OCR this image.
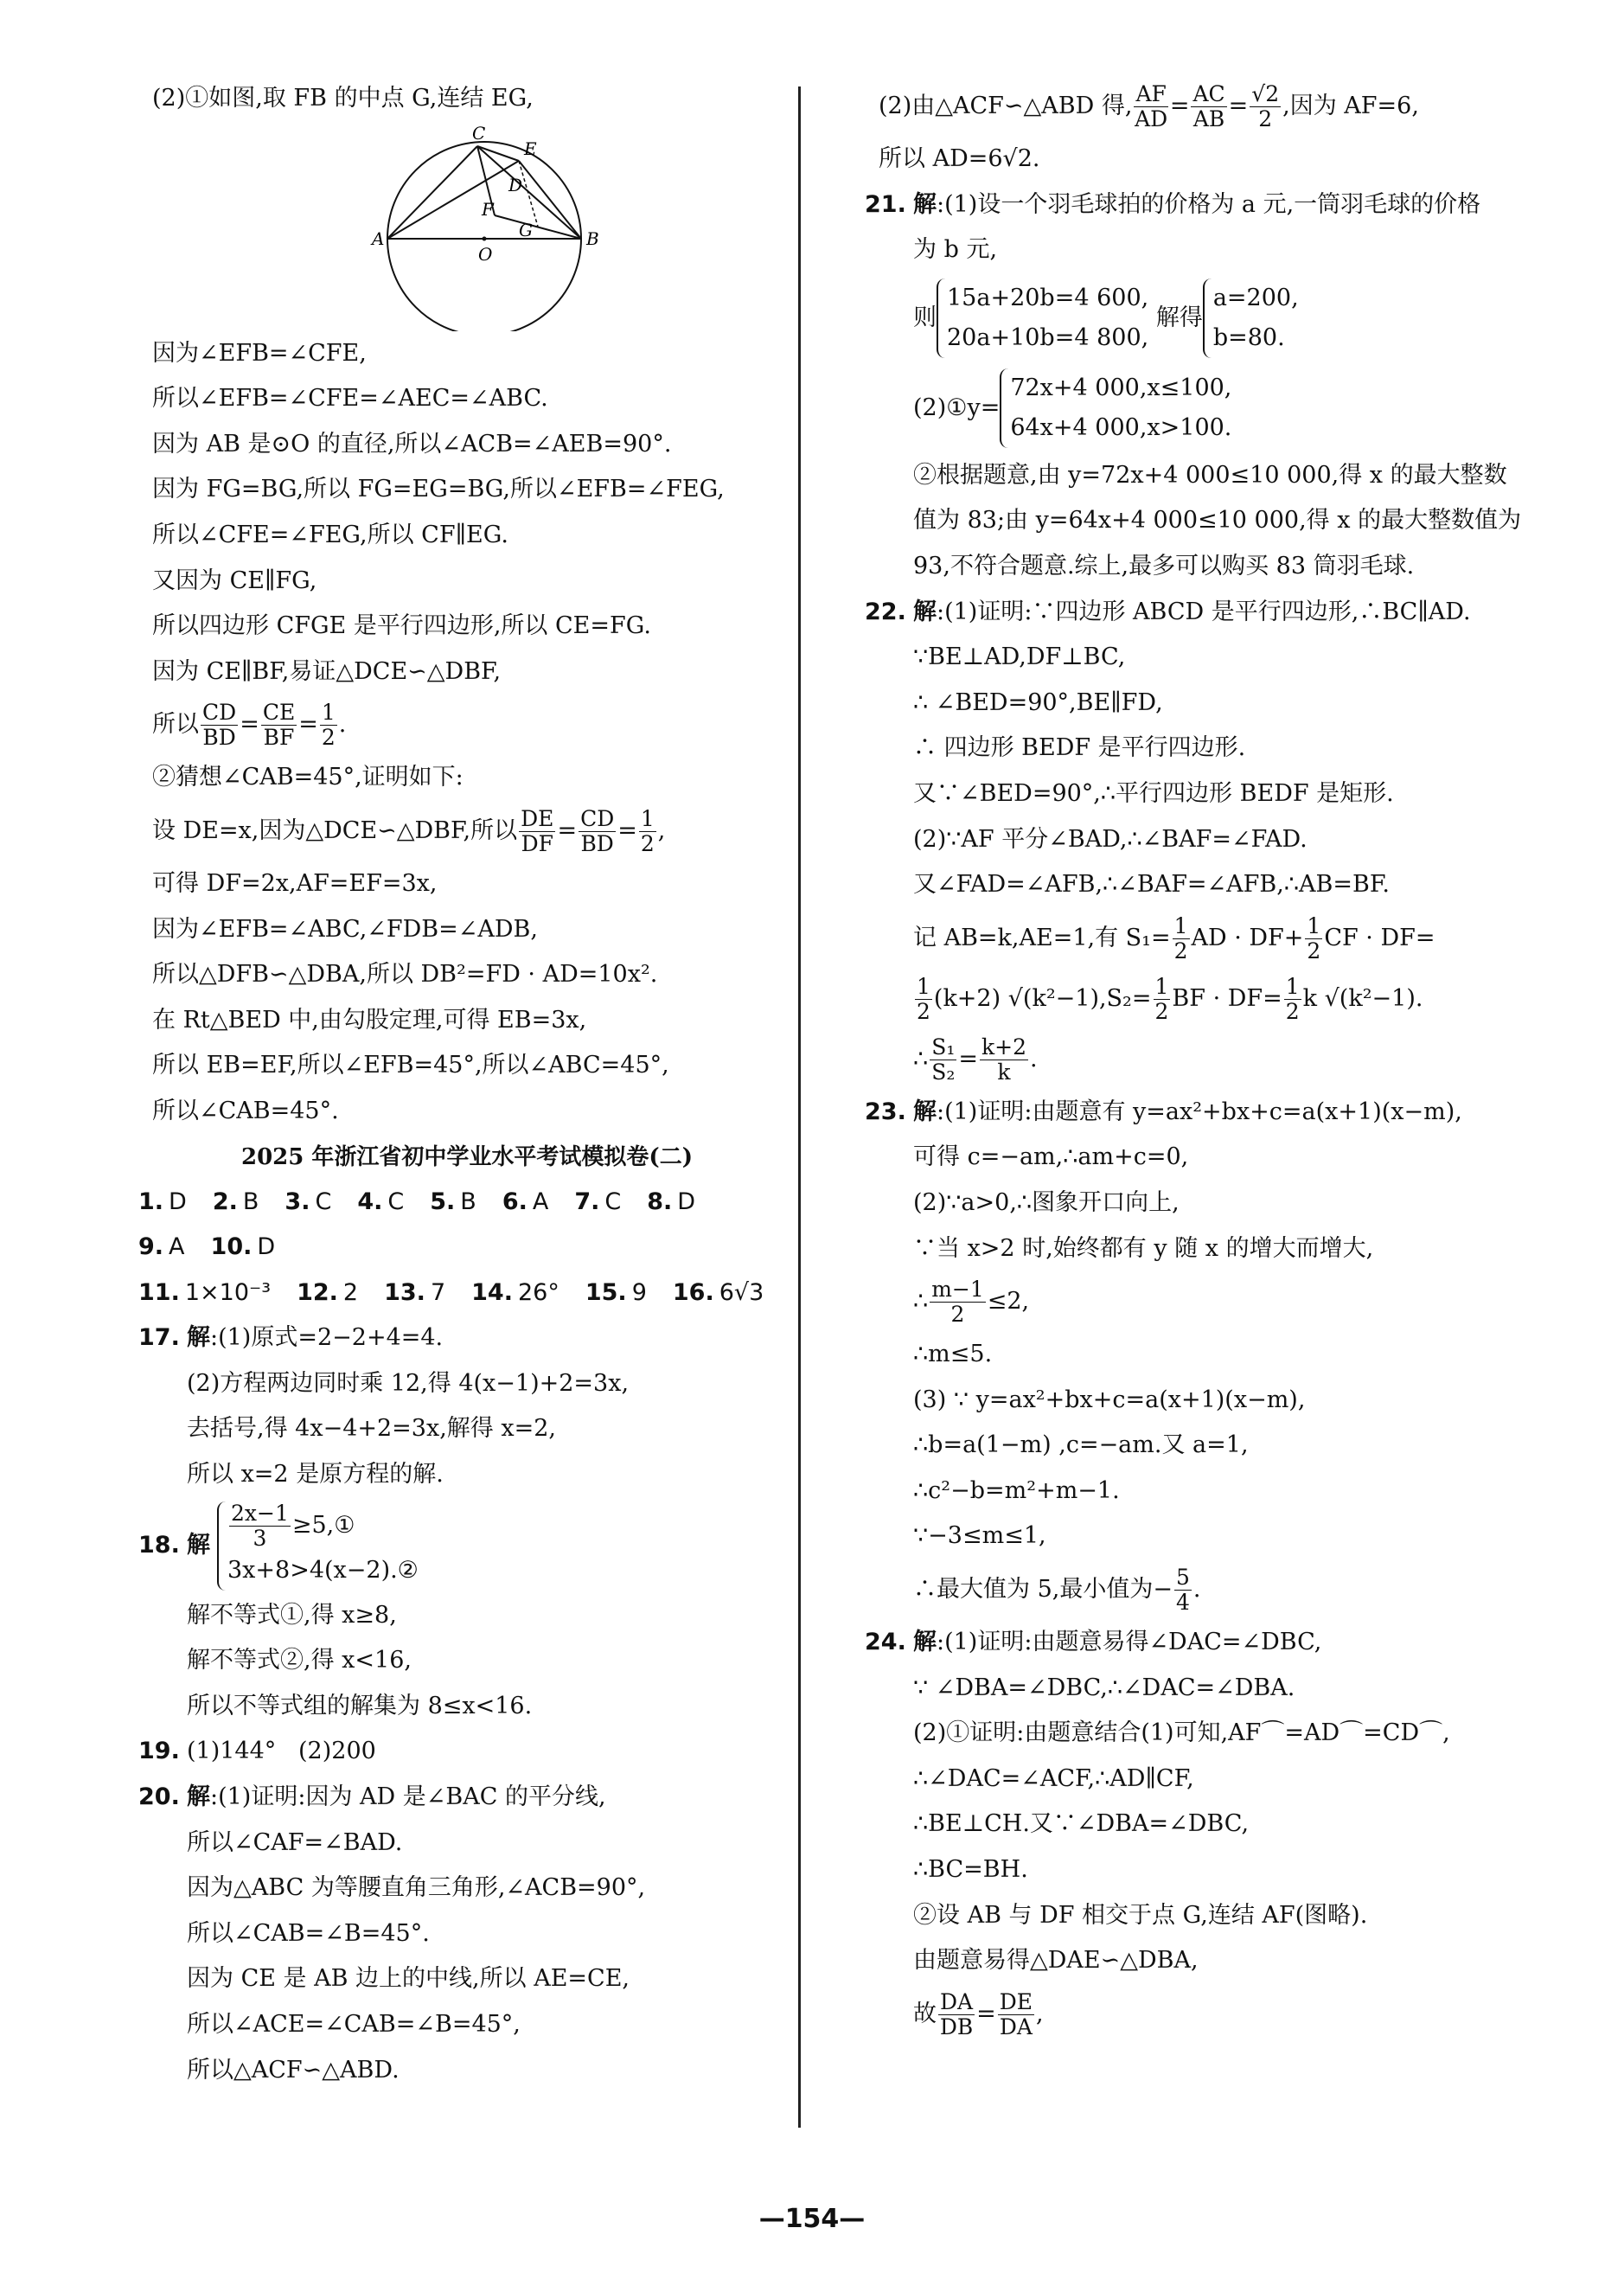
(2)①如图,取 FB 的中点 G,连结 EG,
C
E
D
F
G
A
O
B
因为∠EFB=∠CFE,
所以∠EFB=∠CFE=∠AEC=∠ABC.
因为 AB 是⊙O 的直径,所以∠ACB=∠AEB=90°.
因为 FG=BG,所以 FG=EG=BG,所以∠EFB=∠FEG,
所以∠CFE=∠FEG,所以 CF∥EG.
又因为 CE∥FG,
所以四边形 CFGE 是平行四边形,所以 CE=FG.
因为 CE∥BF,易证△DCE∽△DBF,
所以 $\frac{CD}{BD} = \frac{CE}{BF} = \frac{1}{2}$ .
②猜想∠CAB=45°,证明如下:
设 DE=x,因为△DCE∽△DBF,所以 $\frac{DE}{DF} = \frac{CD}{BD} = \frac{1}{2}$ ,
可得 DF=2x,AF=EF=3x,
因为∠EFB=∠ABC,∠FDB=∠ADB,
所以△DFB∽△DBA,所以 DB²=FD · AD=10x².
在 Rt△BED 中,由勾股定理,可得 EB=3x,
所以 EB=EF,所以∠EFB=45°,所以∠ABC=45°,
所以∠CAB=45°.
2025 年浙江省初中学业水平考试模拟卷(二)
1. D 2. B 3. C 4. C 5. B 6. A 7. C 8. D
9. A 10. D
11. 1×10⁻³ 12. 2 13. 7 14. 26° 15. 9 16. 6√3
17. 解:(1)原式=2−2+4=4.
(2)方程两边同时乘 12,得 4(x−1)+2=3x,
去括号,得 4x−4+2=3x,解得 x=2,
所以 x=2 是原方程的解.
18. 解 $\frac{2x-1}{3}$ ≥5,①
3x+8>4(x−2).②
解不等式①,得 x≥8,
解不等式②,得 x<16,
所以不等式组的解集为 8≤x<16.
19. (1)144°   (2)200
20. 解:(1)证明:因为 AD 是∠BAC 的平分线,
所以∠CAF=∠BAD.
因为△ABC 为等腰直角三角形,∠ACB=90°,
所以∠CAB=∠B=45°.
因为 CE 是 AB 边上的中线,所以 AE=CE,
所以∠ACE=∠CAB=∠B=45°,
所以△ACF∽△ABD.
(2)由△ACF∽△ABD 得, $\frac{AF}{AD} = \frac{AC}{AB} = \frac{√2}{2}$ ,因为 AF=6,
所以 AD=6√2.
21. 解:(1)设一个羽毛球拍的价格为 a 元,一筒羽毛球的价格
为 b 元,
则
15a+20b=4 600,
20a+10b=4 800,
解得
a=200,
b=80.
(2)①y=
72x+4 000,x≤100,
64x+4 000,x>100.
②根据题意,由 y=72x+4 000≤10 000,得 x 的最大整数
值为 83;由 y=64x+4 000≤10 000,得 x 的最大整数值为
93,不符合题意.综上,最多可以购买 83 筒羽毛球.
22. 解:(1)证明:∵四边形 ABCD 是平行四边形,∴BC∥AD.
∵BE⊥AD,DF⊥BC,
∴ ∠BED=90°,BE∥FD,
∴ 四边形 BEDF 是平行四边形.
又∵∠BED=90°,∴平行四边形 BEDF 是矩形.
(2)∵AF 平分∠BAD,∴∠BAF=∠FAD.
又∠FAD=∠AFB,∴∠BAF=∠AFB,∴AB=BF.
记 AB=k,AE=1,有 $S_1= \frac{1}{2}$ AD · $DF+ \frac{1}{2}$ CF · DF=
$\frac{1}{2} (k+2)$ $√(k^2-1),S_2= \frac{1}{2}$ BF · $DF= \frac{1}{2}$ k √(k²−1).
∴ $\frac{\text{S₁}}{\text{S₂}} = \frac{k+2}{k}$ .
23. 解:(1)证明:由题意有 y=ax²+bx+c=a(x+1)(x−m),
可得 c=−am,∴am+c=0,
(2)∵a>0,∴图象开口向上,
∵当 x>2 时,始终都有 y 随 x 的增大而增大,
∴ $\frac{m-1}{2} \le 2$,
∴m≤5.
(3) ∵ y=ax²+bx+c=a(x+1)(x−m),
∴b=a(1−m) ,c=−am.又 a=1,
∴c²−b=m²+m−1.
∵−3≤m≤1,
∴最大值为 5,最小值为− $\frac{5}{4}$ .
24. 解:(1)证明:由题意易得∠DAC=∠DBC,
∵ ∠DBA=∠DBC,∴∠DAC=∠DBA.
(2)①证明:由题意结合(1)可知,AF⌒=AD⌒=CD⌒,
∴∠DAC=∠ACF,∴AD∥CF,
∴BE⊥CH.又∵∠DBA=∠DBC,
∴BC=BH.
②设 AB 与 DF 相交于点 G,连结 AF(图略).
由题意易得△DAE∽△DBA,
故 $\frac{DA}{DB} = \frac{DE}{DA}$ ,
—154—
